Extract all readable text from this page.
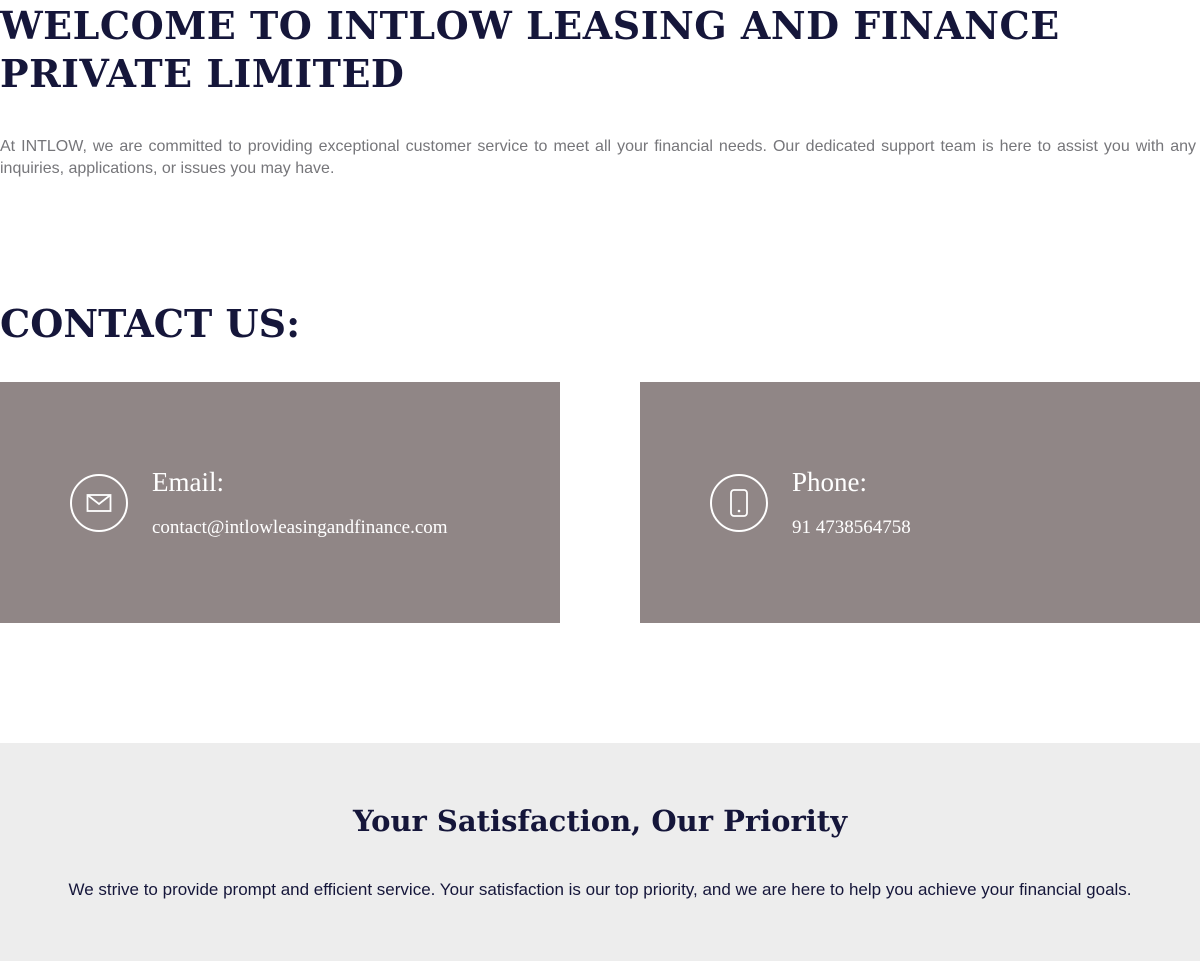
WELCOME TO INTLOW LEASING AND FINANCE PRIVATE LIMITED

At INTLOW, we are committed to providing exceptional customer service to meet all your financial needs. Our dedicated support team is here to assist you with any inquiries, applications, or issues you may have.

CONTACT US:
Email:
contact@intlowleasingandfinance.com
Phone:
91 4738564758
Your Satisfaction, Our Priority

We strive to provide prompt and efficient service. Your satisfaction is our top priority, and we are here to help you achieve your financial goals.
